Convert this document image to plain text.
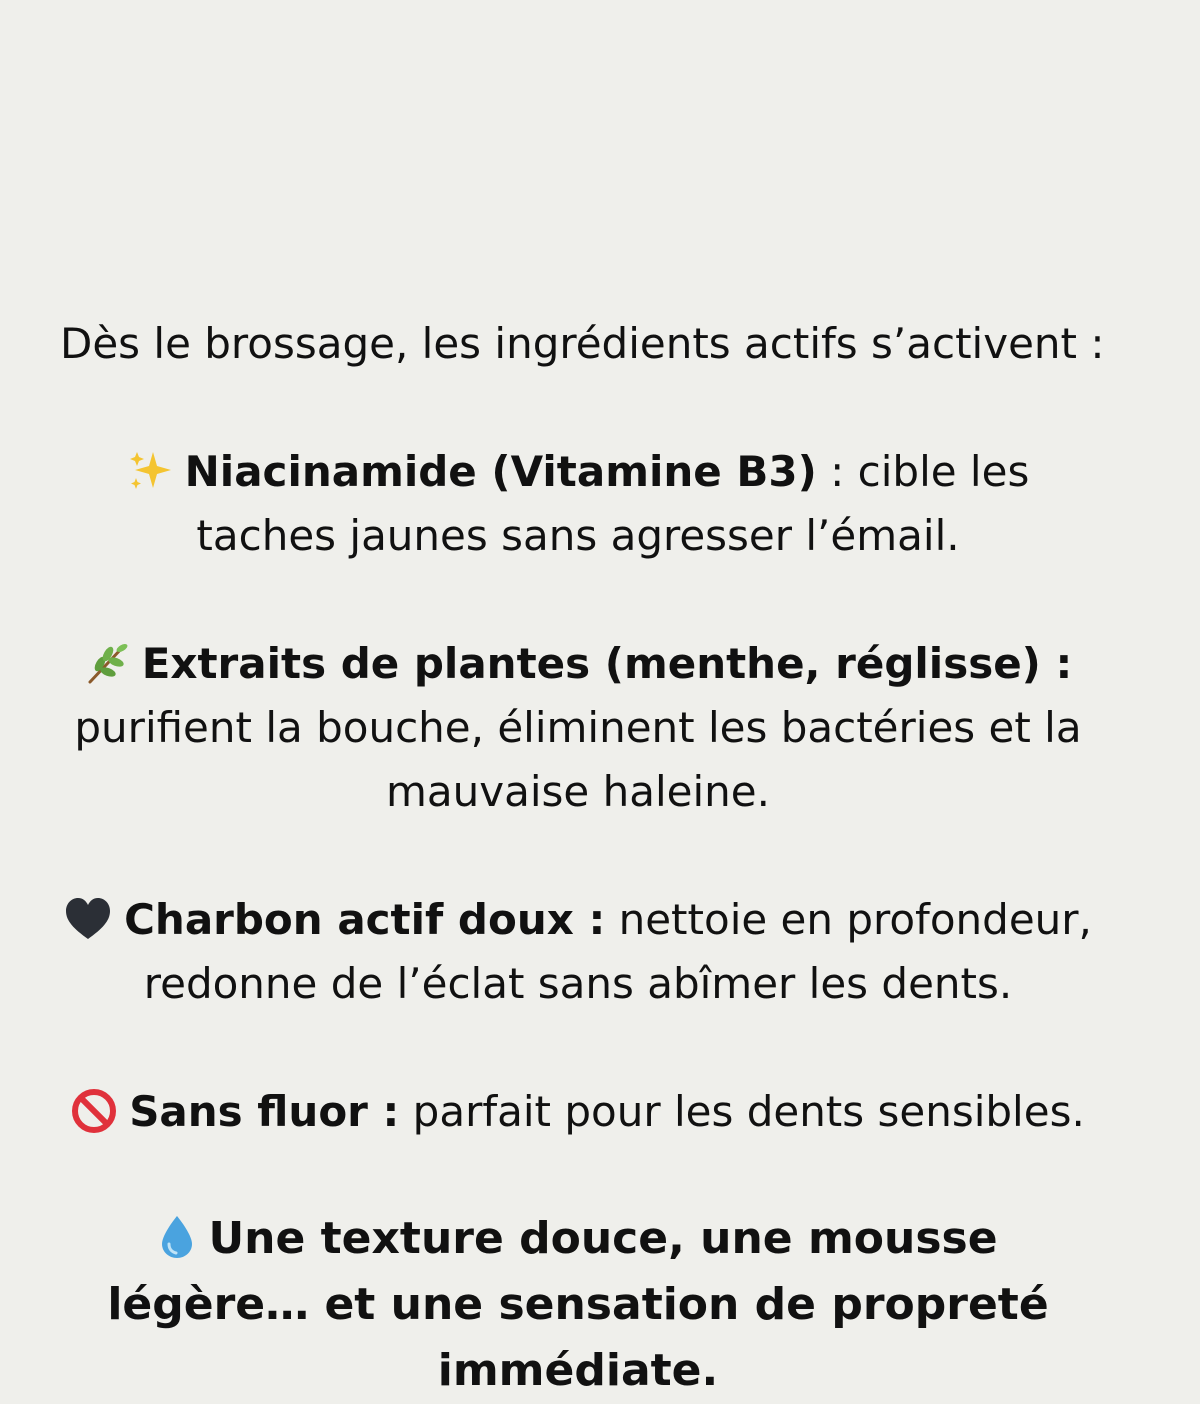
Dès le brossage, les ingrédients actifs s’activent :

Niacinamide (Vitamine B3) : cible les taches jaunes sans agresser l’émail.

Extraits de plantes (menthe, réglisse) : purifient la bouche, éliminent les bactéries et la mauvaise haleine.

Charbon actif doux : nettoie en profondeur, redonne de l’éclat sans abîmer les dents.

Sans fluor : parfait pour les dents sensibles.

Une texture douce, une mousse légère… et une sensation de propreté immédiate.
